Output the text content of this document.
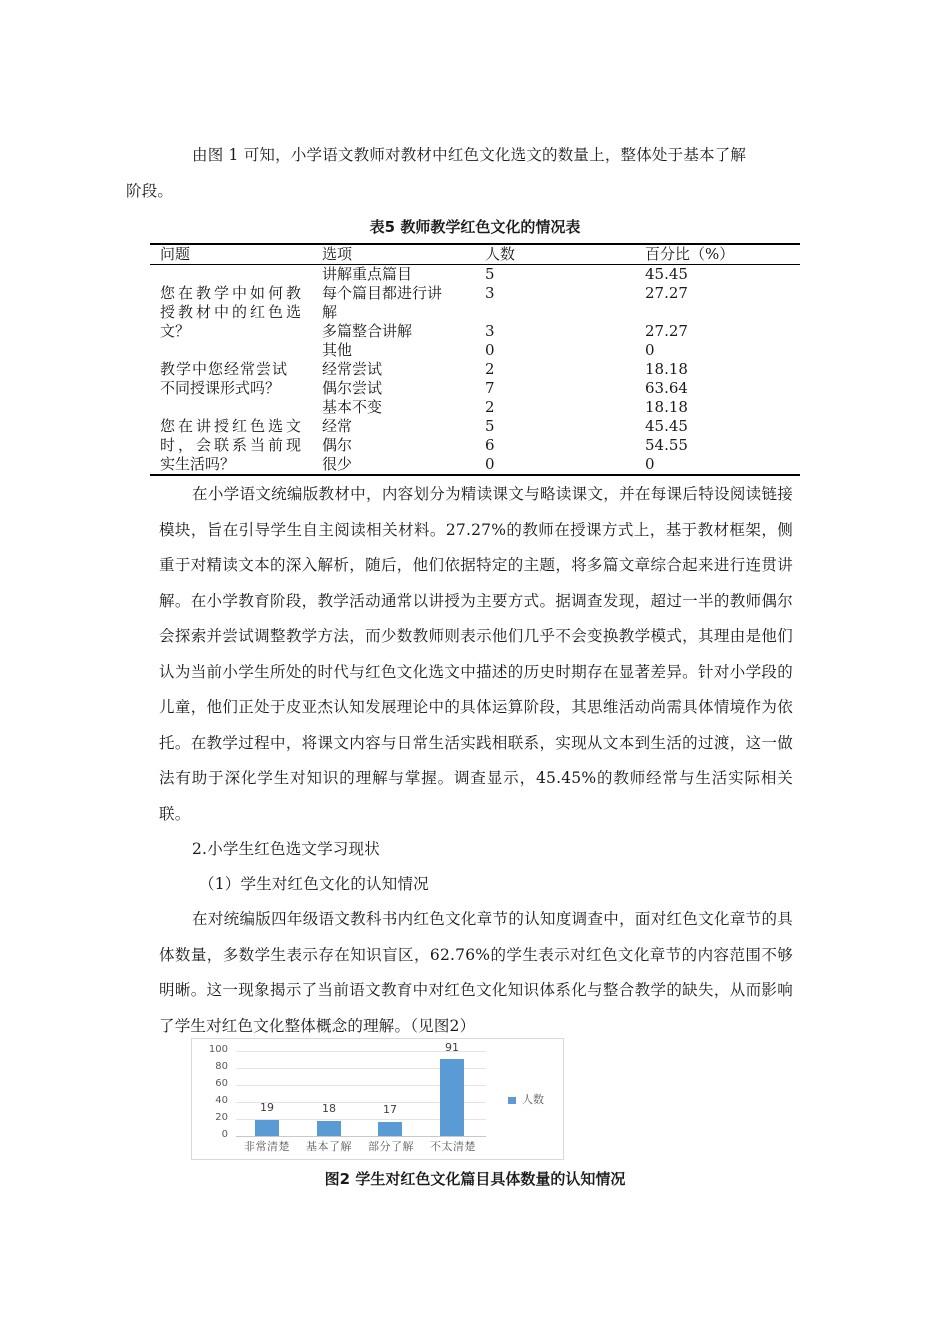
由图 1 可知，小学语文教师对教材中红色文化选文的数量上，整体处于基本了解
阶段。
表5 教师教学红色文化的情况表
问题	选项	人数	百分比（%）
	讲解重点篇目	5	45.45
您在教学中如何教	每个篇目都进行讲	3	27.27
授教材中的红色选	解		
文？	多篇整合讲解	3	27.27
	其他	0	0
教学中您经常尝试	经常尝试	2	18.18
不同授课形式吗？	偶尔尝试	7	63.64
	基本不变	2	18.18
您在讲授红色选文	经常	5	45.45
时，会联系当前现	偶尔	6	54.55
实生活吗？	很少	0	0
在小学语文统编版教材中，内容划分为精读课文与略读课文，并在每课后特设阅读链接模块，旨在引导学生自主阅读相关材料。27.27%的教师在授课方式上，基于教材框架，侧重于对精读文本的深入解析，随后，他们依据特定的主题，将多篇文章综合起来进行连贯讲解。在小学教育阶段，教学活动通常以讲授为主要方式。据调查发现，超过一半的教师偶尔会探索并尝试调整教学方法，而少数教师则表示他们几乎不会变换教学模式，其理由是他们认为当前小学生所处的时代与红色文化选文中描述的历史时期存在显著差异。针对小学段的儿童，他们正处于皮亚杰认知发展理论中的具体运算阶段，其思维活动尚需具体情境作为依托。在教学过程中，将课文内容与日常生活实践相联系，实现从文本到生活的过渡，这一做法有助于深化学生对知识的理解与掌握。调查显示，45.45%的教师经常与生活实际相关联。
2.小学生红色选文学习现状
（1）学生对红色文化的认知情况
在对统编版四年级语文教科书内红色文化章节的认知度调查中，面对红色文化章节的具体数量，多数学生表示存在知识盲区，62.76%的学生表示对红色文化章节的内容范围不够明晰。这一现象揭示了当前语文教育中对红色文化知识体系化与整合教学的缺失，从而影响了学生对红色文化整体概念的理解。（见图2）
100
80
60
40
20
0
19	18	17
91
非常清楚	基本了解	部分了解	不太清楚
人数
图2 学生对红色文化篇目具体数量的认知情况
